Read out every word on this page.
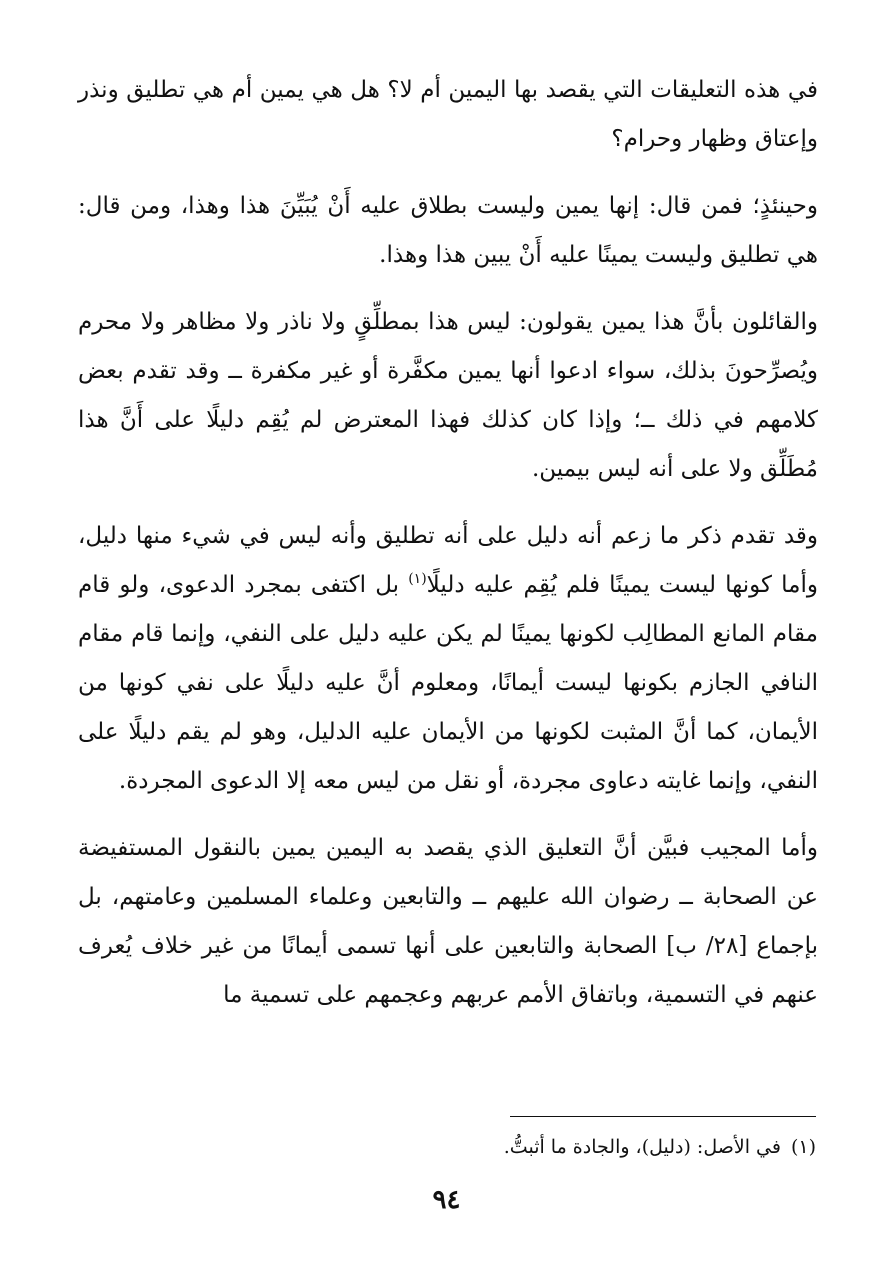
في هذه التعليقات التي يقصد بها اليمين أم لا؟ هل هي يمين أم هي تطليق ونذر وإعتاق وظهار وحرام؟

وحينئذٍ؛ فمن قال: إنها يمين وليست بطلاق عليه أَنْ يُبَيِّنَ هذا وهذا، ومن قال: هي تطليق وليست يمينًا عليه أَنْ يبين هذا وهذا.

والقائلون بأنَّ هذا يمين يقولون: ليس هذا بمطلِّقٍ ولا ناذر ولا مظاهر ولا محرم ويُصرِّحونَ بذلك، سواء ادعوا أنها يمين مكفَّرة أو غير مكفرة ــ وقد تقدم بعض كلامهم في ذلك ــ؛ وإذا كان كذلك فهذا المعترض لم يُقِم دليلًا على أَنَّ هذا مُطَلِّق ولا على أنه ليس بيمين.

وقد تقدم ذكر ما زعم أنه دليل على أنه تطليق وأنه ليس في شيء منها دليل، وأما كونها ليست يمينًا فلم يُقِم عليه دليلًا$^{(١)}$ بل اكتفى بمجرد الدعوى، ولو قام مقام المانع المطالِب لكونها يمينًا لم يكن عليه دليل على النفي، وإنما قام مقام النافي الجازم بكونها ليست أيمانًا، ومعلوم أنَّ عليه دليلًا على نفي كونها من الأيمان، كما أنَّ المثبت لكونها من الأيمان عليه الدليل، وهو لم يقم دليلًا على النفي، وإنما غايته دعاوى مجردة، أو نقل من ليس معه إلا الدعوى المجردة.

وأما المجيب فبيَّن أنَّ التعليق الذي يقصد به اليمين يمين بالنقول المستفيضة عن الصحابة ــ رضوان الله عليهم ــ والتابعين وعلماء المسلمين وعامتهم، بل بإجماع [٢٨/ ب] الصحابة والتابعين على أنها تسمى أيمانًا من غير خلاف يُعرف عنهم في التسمية، وباتفاق الأمم عربهم وعجمهم على تسمية ما

(١)في الأصل: (دليل)، والجادة ما أثبتُّ.
٩٤
